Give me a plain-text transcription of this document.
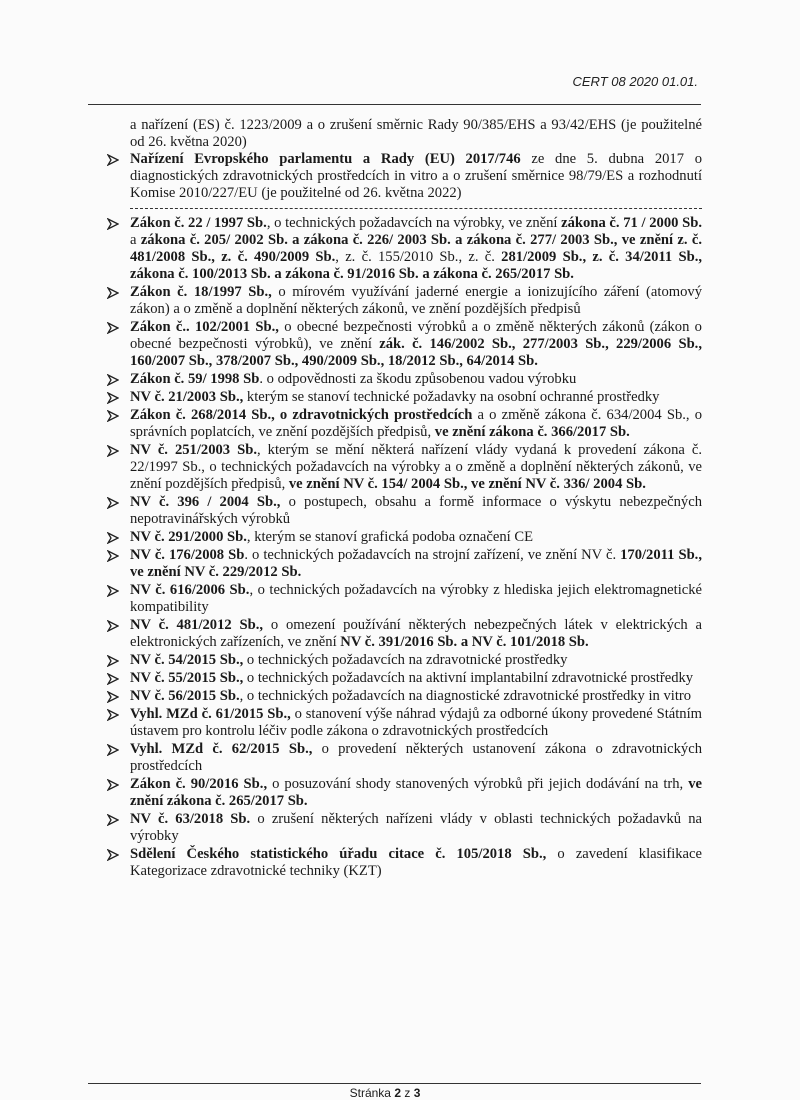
CERT 08 2020 01.01.
a nařízení (ES) č. 1223/2009 a o zrušení směrnic Rady 90/385/EHS a 93/42/EHS (je použitelné od 26. května 2020)
Nařízení Evropského parlamentu a Rady (EU) 2017/746 ze dne 5. dubna 2017 o diagnostických zdravotnických prostředcích in vitro a o zrušení směrnice 98/79/ES a rozhodnutí Komise 2010/227/EU (je použitelné od 26. května 2022)
Zákon č. 22 / 1997 Sb., o technických požadavcích na výrobky, ve znění zákona č. 71 / 2000 Sb. a zákona č. 205/ 2002 Sb. a zákona č. 226/ 2003 Sb. a zákona č. 277/ 2003 Sb., ve znění z. č. 481/2008 Sb., z. č. 490/2009 Sb., z. č. 155/2010 Sb., z. č. 281/2009 Sb., z. č. 34/2011 Sb., zákona č. 100/2013 Sb. a zákona č. 91/2016 Sb. a zákona č. 265/2017 Sb.
Zákon č. 18/1997 Sb., o mírovém využívání jaderné energie a ionizujícího záření (atomový zákon) a o změně a doplnění některých zákonů, ve znění pozdějších předpisů
Zákon č.. 102/2001 Sb., o obecné bezpečnosti výrobků a o změně některých zákonů (zákon o obecné bezpečnosti výrobků), ve znění zák. č. 146/2002 Sb., 277/2003 Sb., 229/2006 Sb., 160/2007 Sb., 378/2007 Sb., 490/2009 Sb., 18/2012 Sb., 64/2014 Sb.
Zákon č. 59/ 1998 Sb. o odpovědnosti za škodu způsobenou vadou výrobku
NV č. 21/2003 Sb., kterým se stanoví technické požadavky na osobní ochranné prostředky
Zákon č. 268/2014 Sb., o zdravotnických prostředcích a o změně zákona č. 634/2004 Sb., o správních poplatcích, ve znění pozdějších předpisů, ve znění zákona č. 366/2017 Sb.
NV č. 251/2003 Sb., kterým se mění některá nařízení vlády vydaná k provedení zákona č. 22/1997 Sb., o technických požadavcích na výrobky a o změně a doplnění některých zákonů, ve znění pozdějších předpisů, ve znění NV č. 154/ 2004 Sb., ve znění NV č. 336/ 2004 Sb.
NV č. 396 / 2004 Sb., o postupech, obsahu a formě informace o výskytu nebezpečných nepotravinářských výrobků
NV č. 291/2000 Sb., kterým se stanoví grafická podoba označení CE
NV č. 176/2008 Sb. o technických požadavcích na strojní zařízení, ve znění NV č. 170/2011 Sb., ve znění NV č. 229/2012 Sb.
NV č. 616/2006 Sb., o technických požadavcích na výrobky z hlediska jejich elektromagnetické kompatibility
NV č. 481/2012 Sb., o omezení používání některých nebezpečných látek v elektrických a elektronických zařízeních, ve znění NV č. 391/2016 Sb. a NV č. 101/2018 Sb.
NV č. 54/2015 Sb., o technických požadavcích na zdravotnické prostředky
NV č. 55/2015 Sb., o technických požadavcích na aktivní implantabilní zdravotnické prostředky
NV č. 56/2015 Sb., o technických požadavcích na diagnostické zdravotnické prostředky in vitro
Vyhl. MZd č. 61/2015 Sb., o stanovení výše náhrad výdajů za odborné úkony provedené Státním ústavem pro kontrolu léčiv podle zákona o zdravotnických prostředcích
Vyhl. MZd č. 62/2015 Sb., o provedení některých ustanovení zákona o zdravotnických prostředcích
Zákon č. 90/2016 Sb., o posuzování shody stanovených výrobků při jejich dodávání na trh, ve znění zákona č. 265/2017 Sb.
NV č. 63/2018 Sb. o zrušení některých nařízeni vlády v oblasti technických požadavků na výrobky
Sdělení Českého statistického úřadu citace č. 105/2018 Sb., o zavedení klasifikace Kategorizace zdravotnické techniky (KZT)
Stránka 2 z 3
